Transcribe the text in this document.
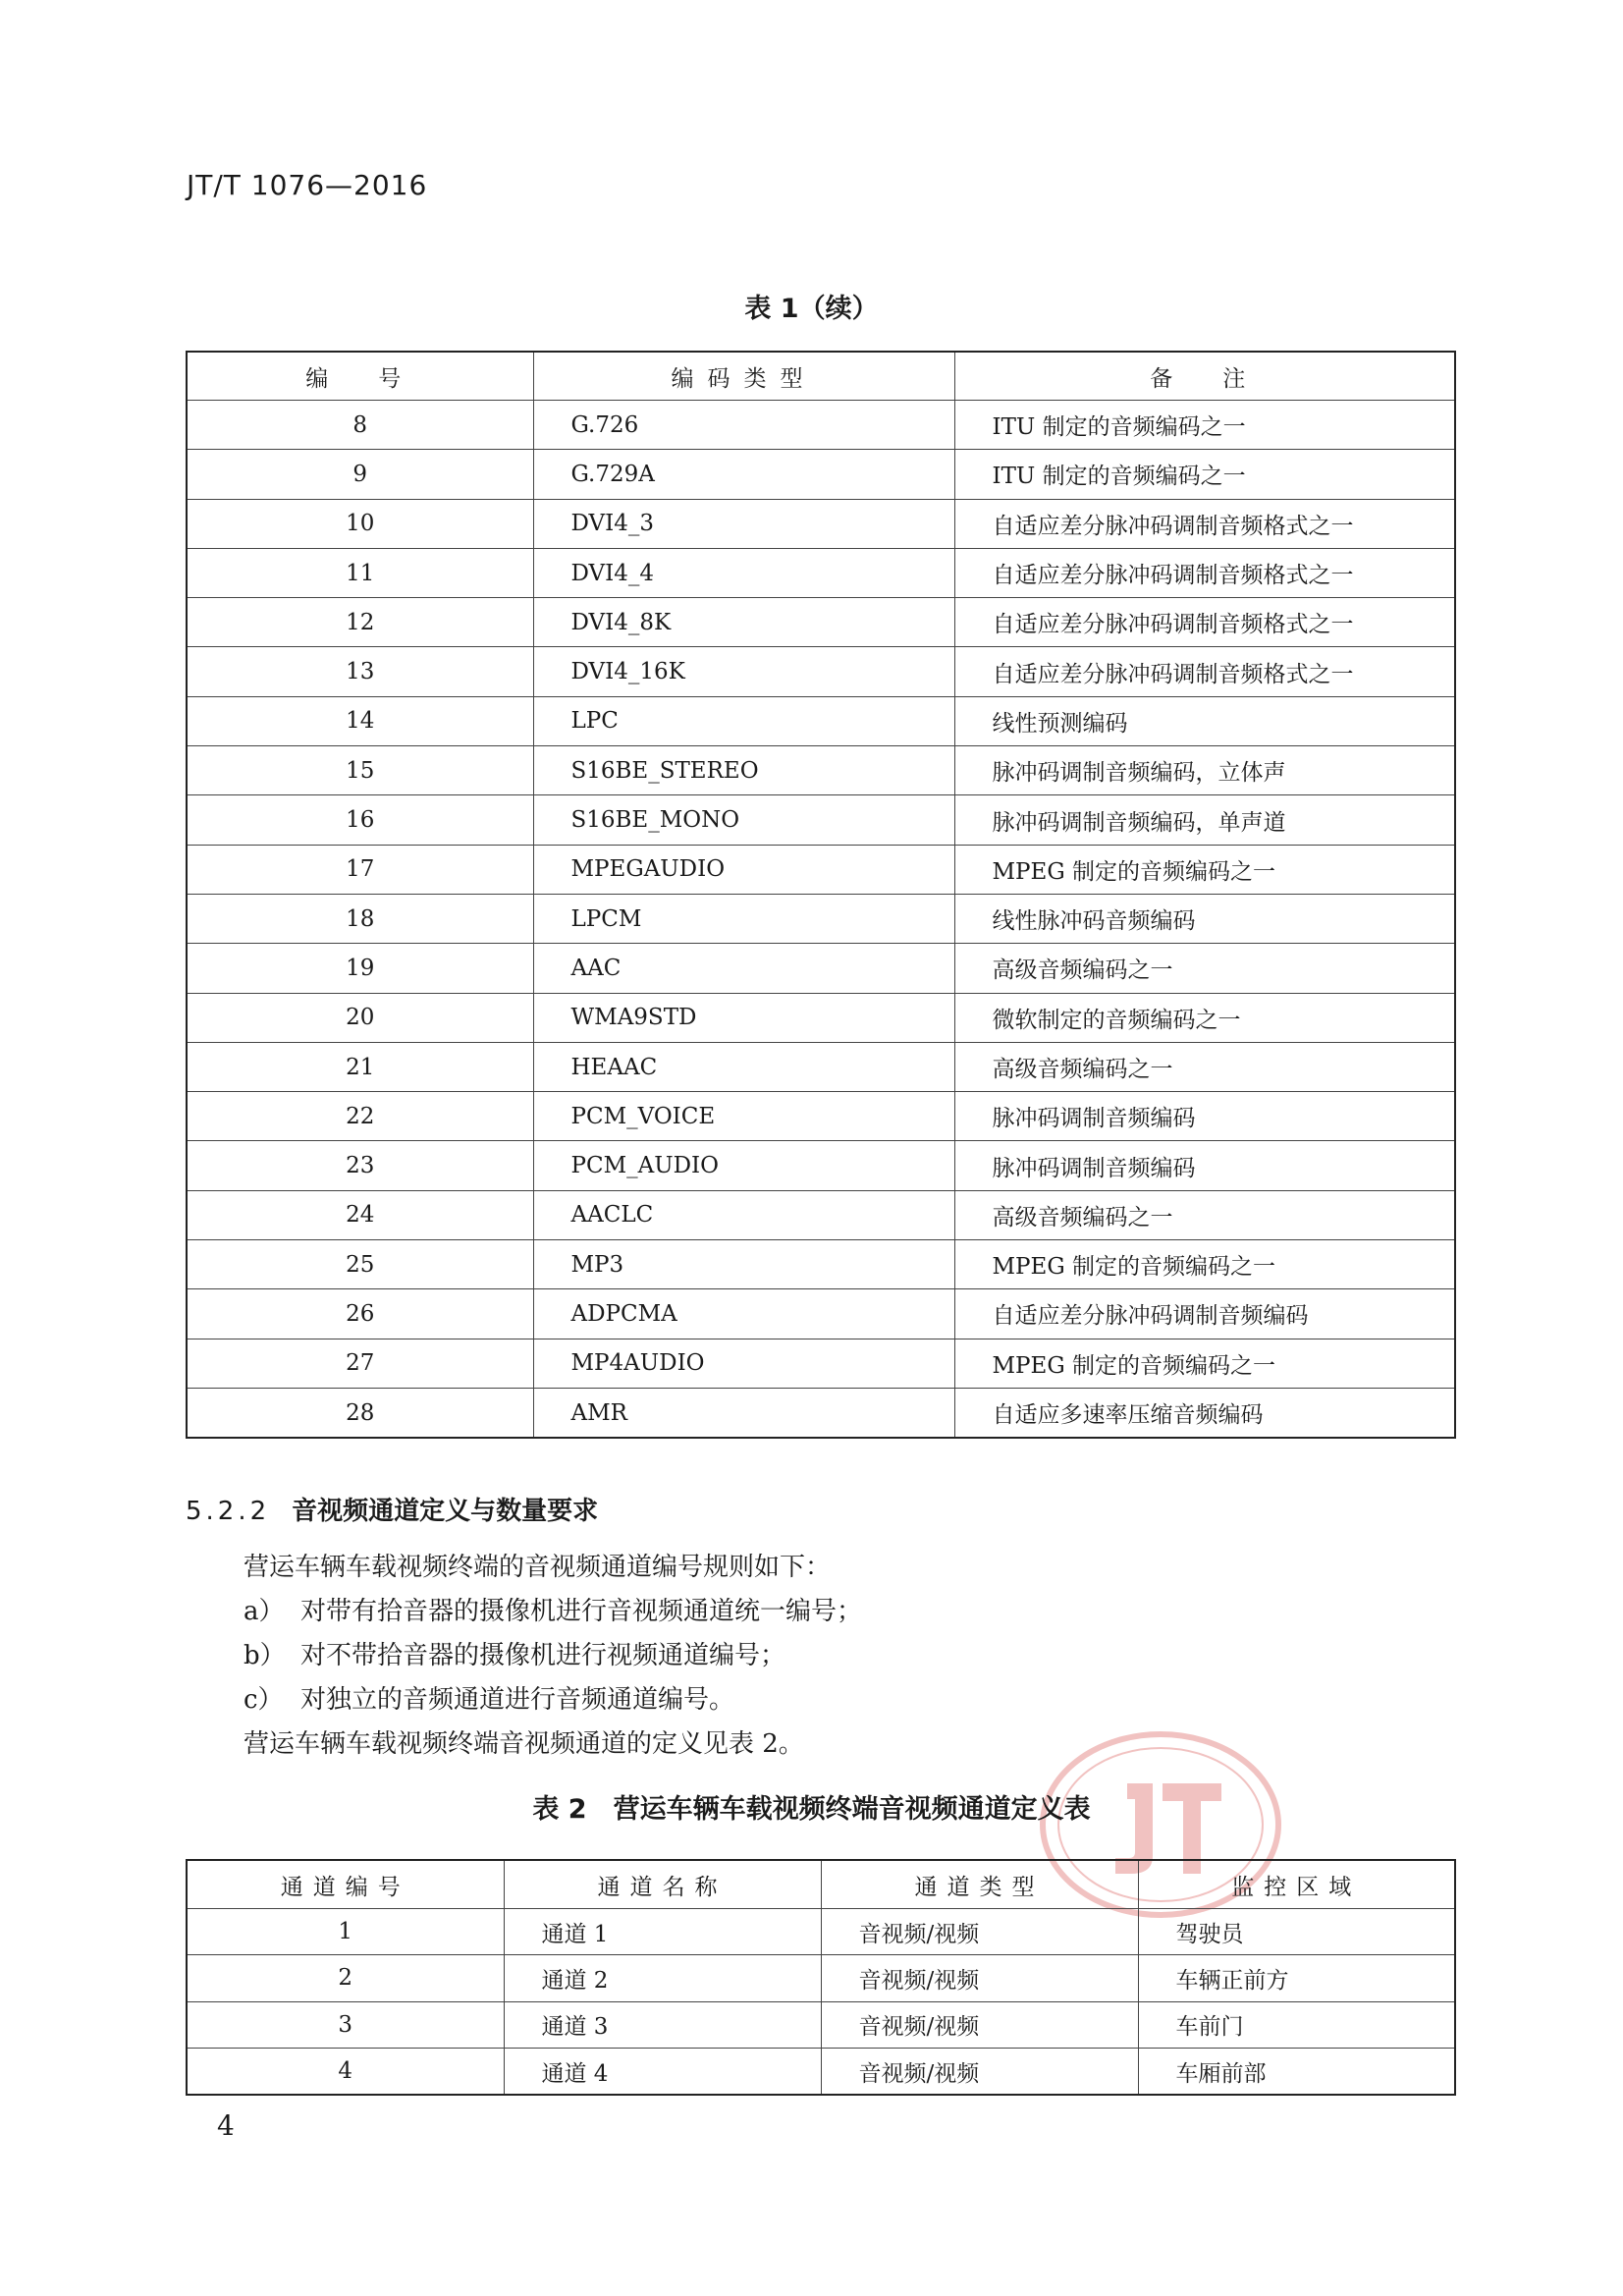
JT/T 1076—2016
表 1（续）
编　号	编码类型	备　注
8	G.726	ITU 制定的音频编码之一
9	G.729A	ITU 制定的音频编码之一
10	DVI4_3	自适应差分脉冲码调制音频格式之一
11	DVI4_4	自适应差分脉冲码调制音频格式之一
12	DVI4_8K	自适应差分脉冲码调制音频格式之一
13	DVI4_16K	自适应差分脉冲码调制音频格式之一
14	LPC	线性预测编码
15	S16BE_STEREO	脉冲码调制音频编码，立体声
16	S16BE_MONO	脉冲码调制音频编码，单声道
17	MPEGAUDIO	MPEG 制定的音频编码之一
18	LPCM	线性脉冲码音频编码
19	AAC	高级音频编码之一
20	WMA9STD	微软制定的音频编码之一
21	HEAAC	高级音频编码之一
22	PCM_VOICE	脉冲码调制音频编码
23	PCM_AUDIO	脉冲码调制音频编码
24	AACLC	高级音频编码之一
25	MP3	MPEG 制定的音频编码之一
26	ADPCMA	自适应差分脉冲码调制音频编码
27	MP4AUDIO	MPEG 制定的音频编码之一
28	AMR	自适应多速率压缩音频编码
5.2.2 音视频通道定义与数量要求
营运车辆车载视频终端的音视频通道编号规则如下：
a） 对带有拾音器的摄像机进行音视频通道统一编号；
b） 对不带拾音器的摄像机进行视频通道编号；
c） 对独立的音频通道进行音频通道编号。
营运车辆车载视频终端音视频通道的定义见表 2。
表 2　营运车辆车载视频终端音视频通道定义表
通道编号	通道名称	通道类型	监控区域
1	通道 1	音视频/视频	驾驶员
2	通道 2	音视频/视频	车辆正前方
3	通道 3	音视频/视频	车前门
4	通道 4	音视频/视频	车厢前部
4
